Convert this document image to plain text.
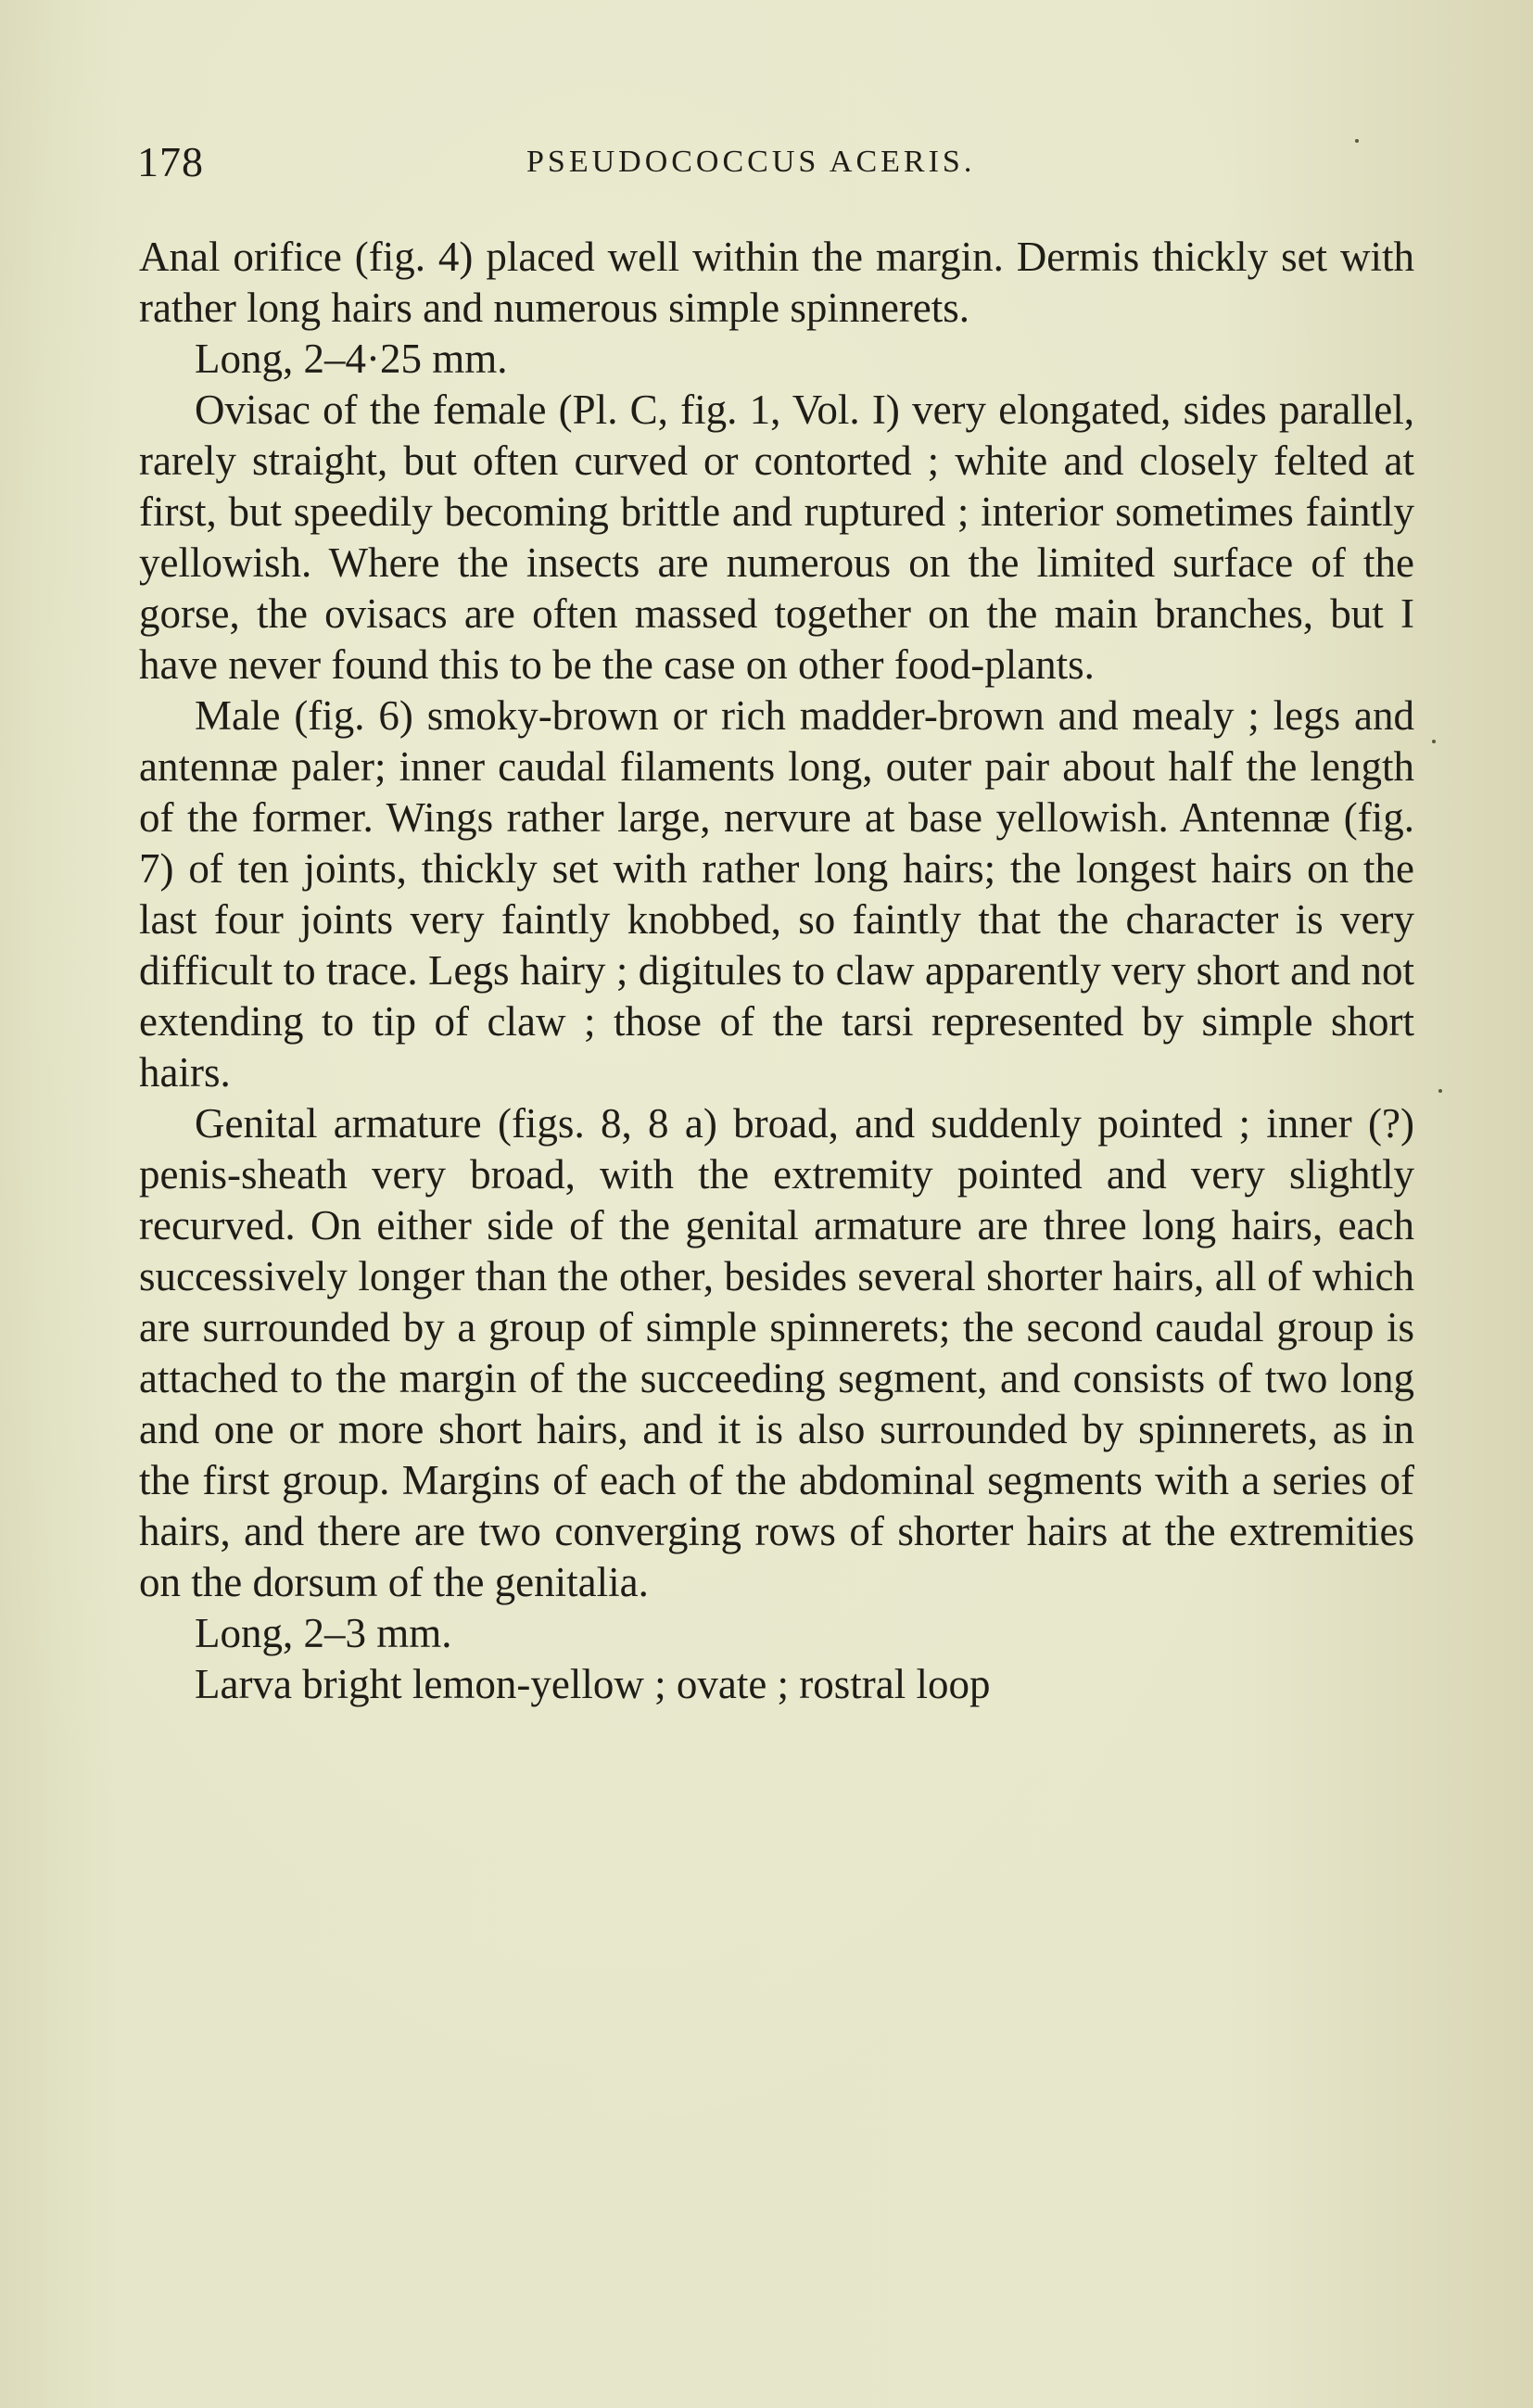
178	PSEUDOCOCCUS ACERIS.

Anal orifice (fig. 4) placed well within the margin. Dermis thickly set with rather long hairs and numerous simple spinnerets.

Long, 2–4·25 mm.

Ovisac of the female (Pl. C, fig. 1, Vol. I) very elongated, sides parallel, rarely straight, but often curved or contorted ; white and closely felted at first, but speedily becoming brittle and ruptured ; interior sometimes faintly yellowish. Where the insects are numerous on the limited surface of the gorse, the ovisacs are often massed together on the main branches, but I have never found this to be the case on other food-plants.

Male (fig. 6) smoky-brown or rich madder-brown and mealy ; legs and antennæ paler; inner caudal filaments long, outer pair about half the length of the former. Wings rather large, nervure at base yellowish. Antennæ (fig. 7) of ten joints, thickly set with rather long hairs; the longest hairs on the last four joints very faintly knobbed, so faintly that the character is very difficult to trace. Legs hairy ; digitules to claw apparently very short and not extending to tip of claw ; those of the tarsi represented by simple short hairs.

Genital armature (figs. 8, 8 a) broad, and suddenly pointed ; inner (?) penis-sheath very broad, with the extremity pointed and very slightly recurved. On either side of the genital armature are three long hairs, each successively longer than the other, besides several shorter hairs, all of which are surrounded by a group of simple spinnerets; the second caudal group is attached to the margin of the succeeding segment, and consists of two long and one or more short hairs, and it is also surrounded by spinnerets, as in the first group. Margins of each of the abdominal segments with a series of hairs, and there are two converging rows of shorter hairs at the extremities on the dorsum of the genitalia.

Long, 2–3 mm.

Larva bright lemon-yellow ; ovate ; rostral loop
